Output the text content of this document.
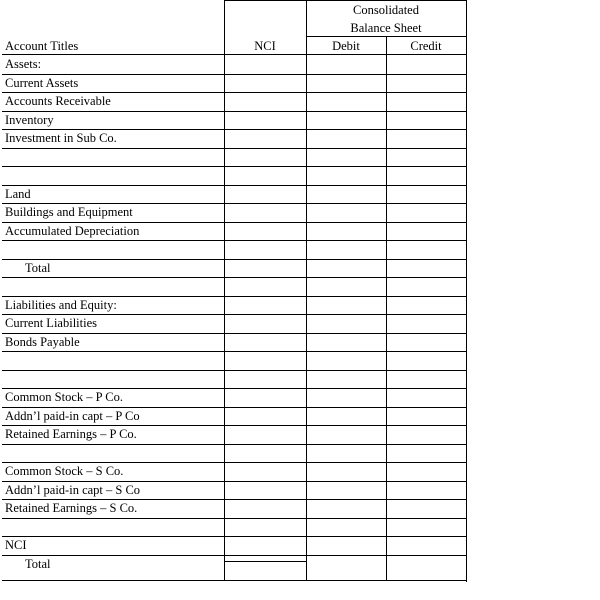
Consolidated
Balance Sheet
Account Titles	NCI	Debit	Credit
Assets:
Current Assets
Accounts Receivable
Inventory
Investment in Sub Co.
Land
Buildings and Equipment
Accumulated Depreciation
Total
Liabilities and Equity:
Current Liabilities
Bonds Payable
Common Stock – P Co.
Addn’l paid-in capt – P Co
Retained Earnings – P Co.
Common Stock – S Co.
Addn’l paid-in capt – S Co
Retained Earnings – S Co.
NCI
Total
